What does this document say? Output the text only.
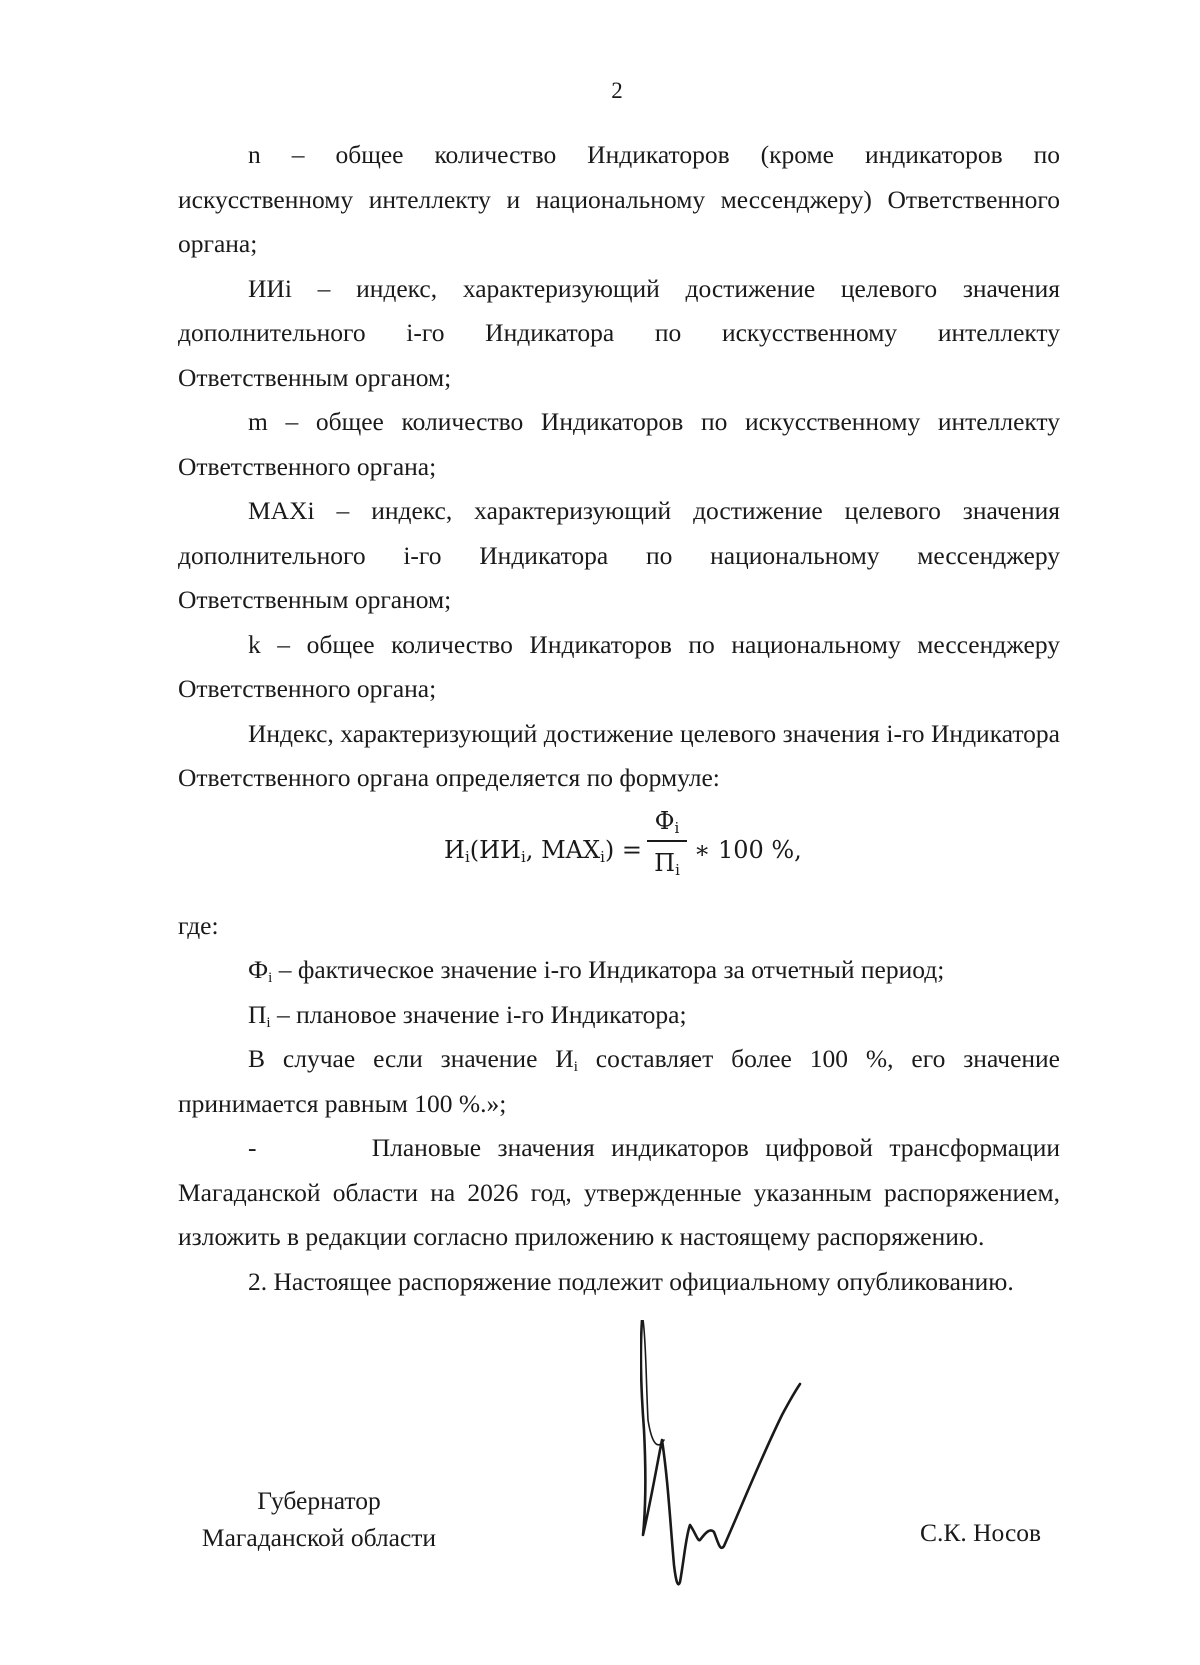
2

n – общее количество Индикаторов (кроме индикаторов по искусственному интеллекту и национальному мессенджеру) Ответственного органа;

ИИi – индекс, характеризующий достижение целевого значения дополнительного i-го Индикатора по искусственному интеллекту Ответственным органом;

m – общее количество Индикаторов по искусственному интеллекту Ответственного органа;

MAXi – индекс, характеризующий достижение целевого значения дополнительного i-го Индикатора по национальному мессенджеру Ответственным органом;

k – общее количество Индикаторов по национальному мессенджеру Ответственного органа;

Индекс, характеризующий достижение целевого значения i-го Индикатора Ответственного органа определяется по формуле:

$И_i(ИИ_i$, $MAX_i$) =
$Ф_i$
$П_i$
∗ 100 %,

где:

$Ф_i$ – фактическое значение i-го Индикатора за отчетный период;

$П_i$ – плановое значение i-го Индикатора;

В случае если значение $И_i$ составляет более 100 %, его значение принимается равным 100 %.»;

-       Плановые значения индикаторов цифровой трансформации Магаданской области на 2026 год, утвержденные указанным распоряжением, изложить в редакции согласно приложению к настоящему распоряжению.

2. Настоящее распоряжение подлежит официальному опубликованию.

Губернатор
Магаданской области	С.К. Носов
